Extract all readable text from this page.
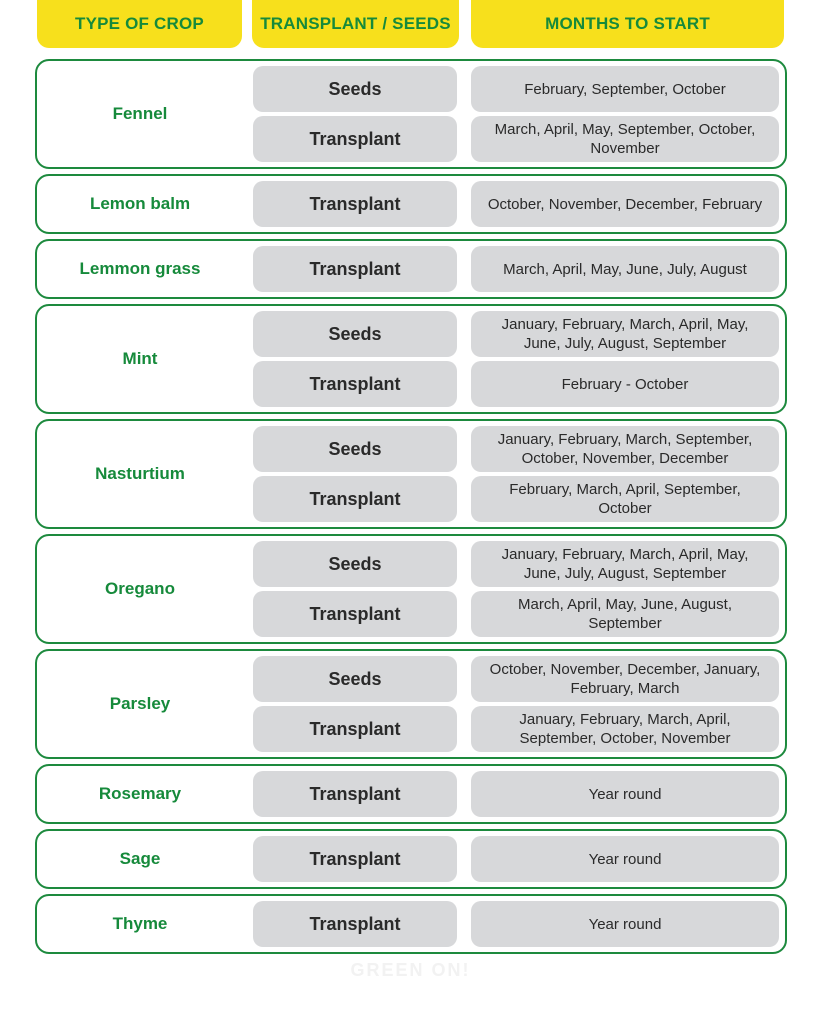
TYPE OF CROP	TRANSPLANT / SEEDS	MONTHS TO START
Fennel
Seeds	February, September, October
Transplant	March, April, May, September, October, November
Lemon balm	Transplant	October, November, December, February
Lemmon grass	Transplant	March, April, May, June, July, August
Mint
Seeds	January, February, March, April, May, June, July, August, September
Transplant	February - October
Nasturtium
Seeds	January, February, March, September, October, November, December
Transplant	February, March, April, September, October
Oregano
Seeds	January, February, March, April, May, June, July, August, September
Transplant	March, April, May, June, August, September
Parsley
Seeds	October, November, December, January, February, March
Transplant	January, February, March, April, September, October, November
Rosemary	Transplant	Year round
Sage	Transplant	Year round
Thyme	Transplant	Year round
GREEN ON!
